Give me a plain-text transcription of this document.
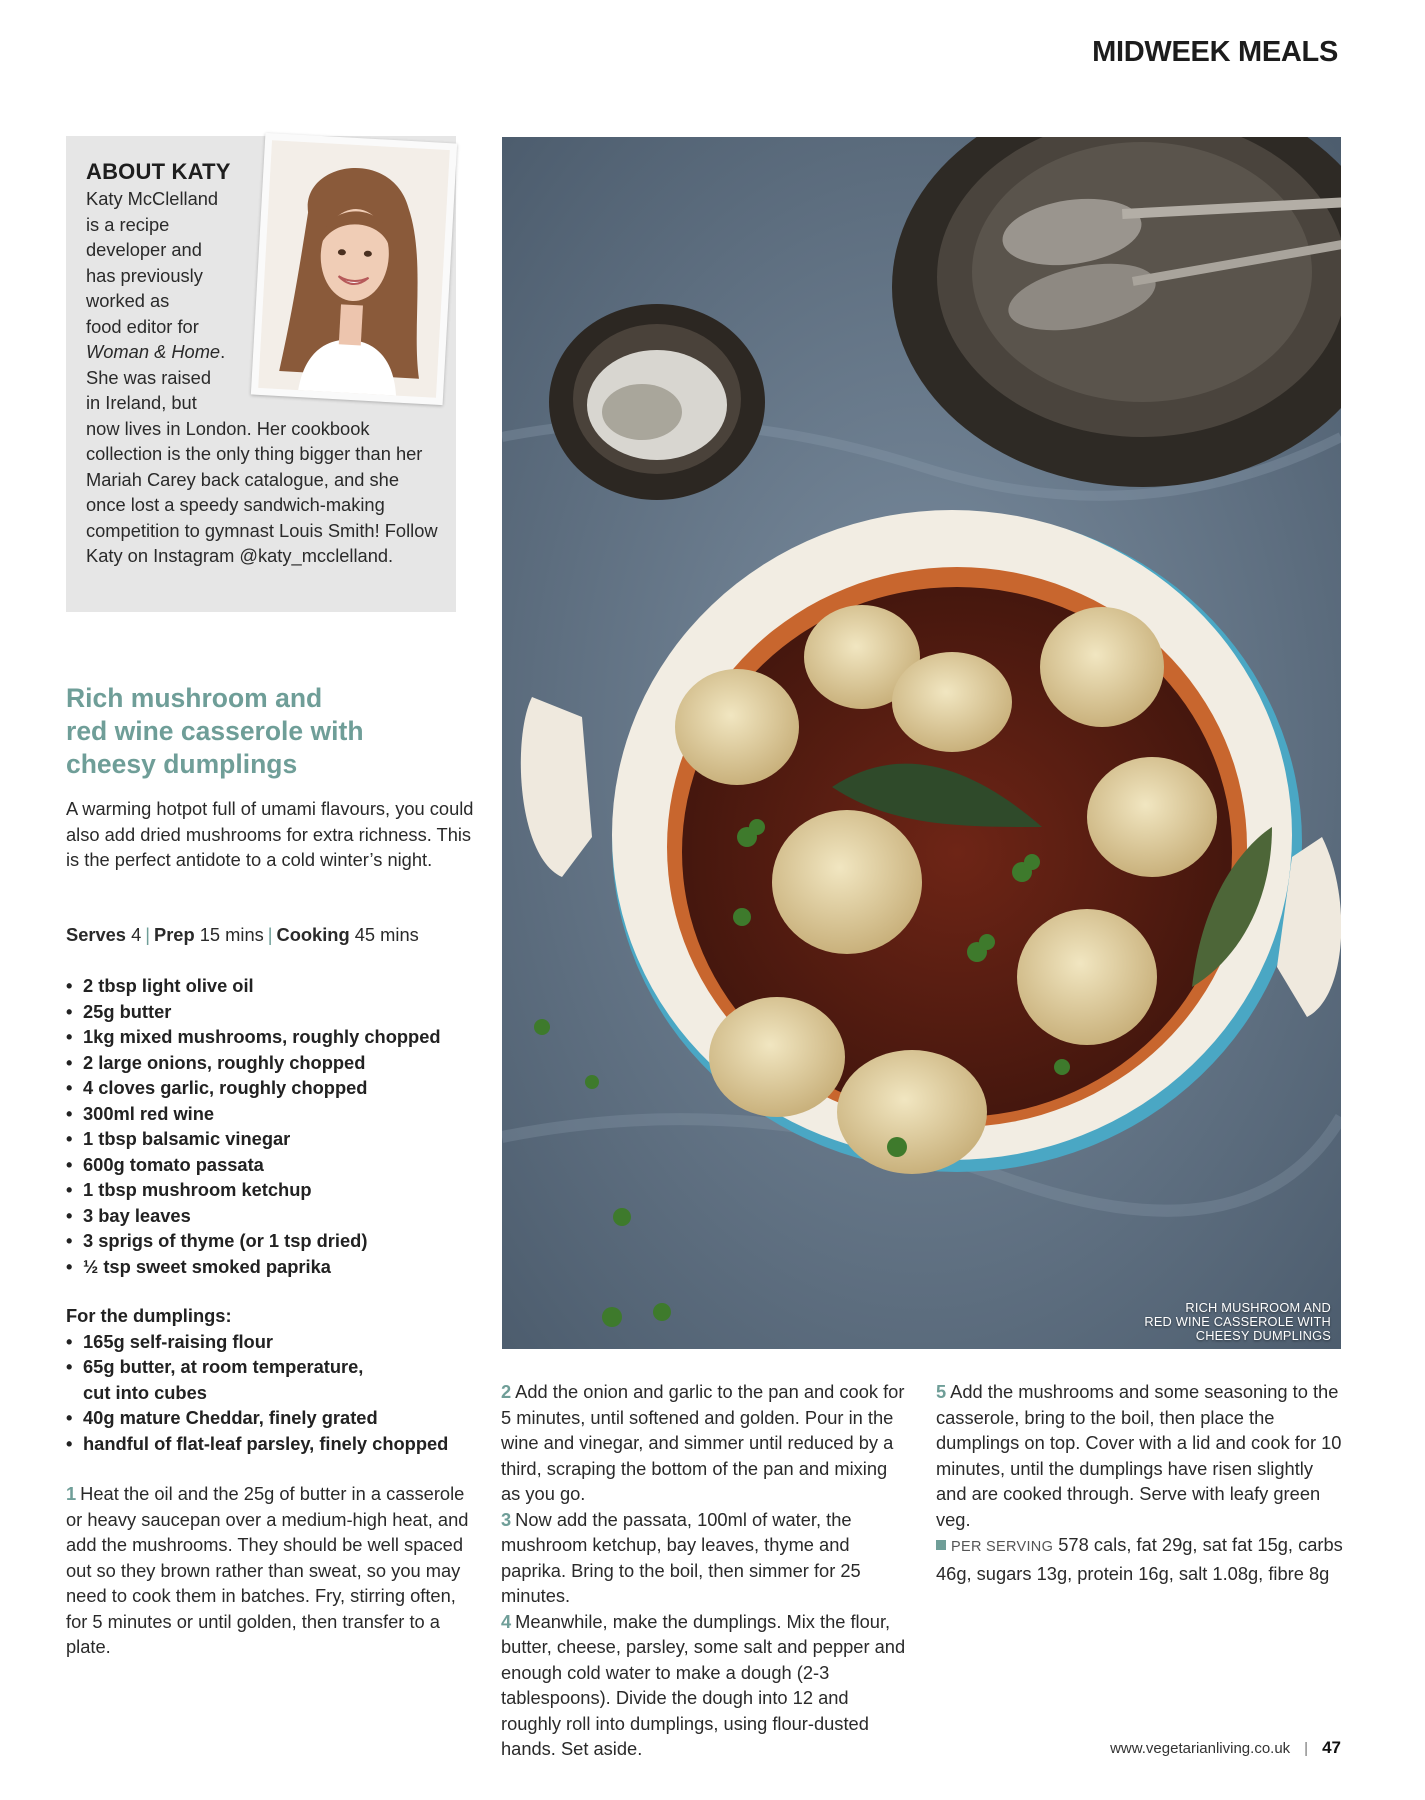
MIDWEEK MEALS
ABOUT KATY

Katy McClelland

is a recipe

developer and

has previously

worked as

food editor for

Woman & Home.

She was raised

in Ireland, but

now lives in London. Her cookbook collection is the only thing bigger than her Mariah Carey back catalogue, and she once lost a speedy sandwich-making competition to gymnast Louis Smith! Follow Katy on Instagram @katy_mcclelland.

Rich mushroom and
red wine casserole with
cheesy dumplings
A warming hotpot full of umami flavours, you could also add dried mushrooms for extra richness. This is the perfect antidote to a cold winter’s night.
Serves 4 | Prep 15 mins | Cooking 45 mins
• 2 tbsp light olive oil
• 25g butter
• 1kg mixed mushrooms, roughly chopped
• 2 large onions, roughly chopped
• 4 cloves garlic, roughly chopped
• 300ml red wine
• 1 tbsp balsamic vinegar
• 600g tomato passata
• 1 tbsp mushroom ketchup
• 3 bay leaves
• 3 sprigs of thyme (or 1 tsp dried)
• ½ tsp sweet smoked paprika
For the dumplings:
• 165g self-raising flour
• 65g butter, at room temperature, cut into cubes
• 40g mature Cheddar, finely grated
• handful of flat-leaf parsley, finely chopped

1 Heat the oil and the 25g of butter in a casserole or heavy saucepan over a medium-high heat, and add the mushrooms. They should be well spaced out so they brown rather than sweat, so you may need to cook them in batches. Fry, stirring often, for 5 minutes or until golden, then transfer to a plate.

2 Add the onion and garlic to the pan and cook for 5 minutes, until softened and golden. Pour in the wine and vinegar, and simmer until reduced by a third, scraping the bottom of the pan and mixing as you go.

3 Now add the passata, 100ml of water, the mushroom ketchup, bay leaves, thyme and paprika. Bring to the boil, then simmer for 25 minutes.

4 Meanwhile, make the dumplings. Mix the flour, butter, cheese, parsley, some salt and pepper and enough cold water to make a dough (2-3 tablespoons). Divide the dough into 12 and roughly roll into dumplings, using flour-dusted hands. Set aside.

5 Add the mushrooms and some seasoning to the casserole, bring to the boil, then place the dumplings on top. Cover with a lid and cook for 10 minutes, until the dumplings have risen slightly and are cooked through. Serve with leafy green veg.

PER SERVING 578 cals, fat 29g, sat fat 15g, carbs 46g, sugars 13g, protein 16g, salt 1.08g, fibre 8g

RICH MUSHROOM AND
RED WINE CASSEROLE WITH
CHEESY DUMPLINGS
www.vegetarianliving.co.uk | 47
